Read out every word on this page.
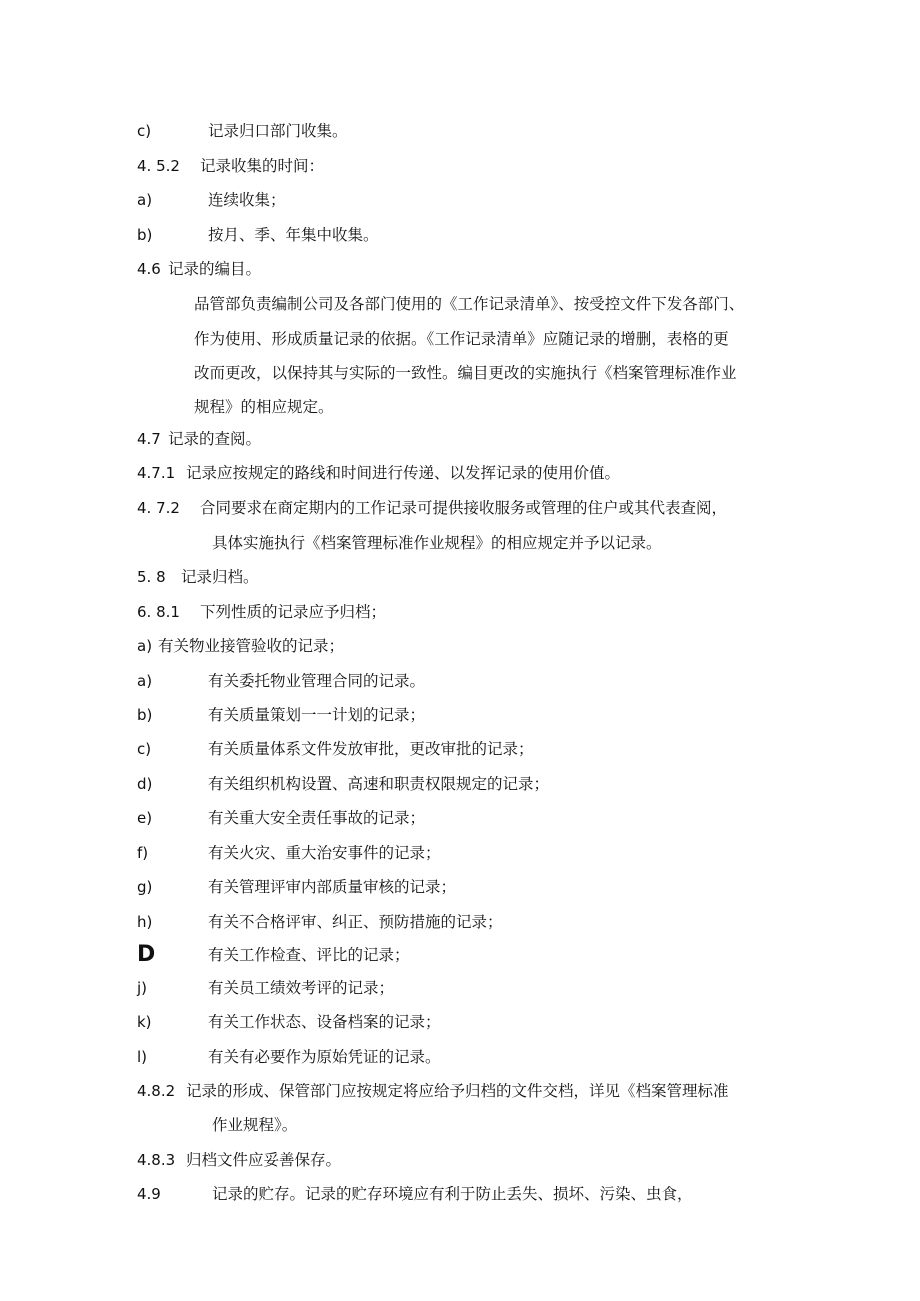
c)	记录归口部门收集。
4. 5.2 记录收集的时间：
a)	连续收集；
b)	按月、季、年集中收集。
4.6 记录的编目。
品管部负责编制公司及各部门使用的《工作记录清单》、按受控文件下发各部门、
作为使用、形成质量记录的依据。《工作记录清单》应随记录的增删，表格的更
改而更改，以保持其与实际的一致性。编目更改的实施执行《档案管理标准作业
规程》的相应规定。
4.7 记录的查阅。
4.7.1 记录应按规定的路线和时间进行传递、以发挥记录的使用价值。
4. 7.2 合同要求在商定期内的工作记录可提供接收服务或管理的住户或其代表查阅，
具体实施执行《档案管理标准作业规程》的相应规定并予以记录。
5. 8 记录归档。
6. 8.1 下列性质的记录应予归档；
a) 有关物业接管验收的记录；
a)	有关委托物业管理合同的记录。
b)	有关质量策划一一计划的记录；
c)	有关质量体系文件发放审批，更改审批的记录；
d)	有关组织机构设置、高速和职责权限规定的记录；
e)	有关重大安全责任事故的记录；
f)	有关火灾、重大治安事件的记录；
g)	有关管理评审内部质量审核的记录；
h)	有关不合格评审、纠正、预防措施的记录；
D	有关工作检查、评比的记录；
j)	有关员工绩效考评的记录；
k)	有关工作状态、设备档案的记录；
l)	有关有必要作为原始凭证的记录。
4.8.2 记录的形成、保管部门应按规定将应给予归档的文件交档，详见《档案管理标准
作业规程》。
4.8.3 归档文件应妥善保存。
4.9	记录的贮存。记录的贮存环境应有利于防止丢失、损坏、污染、虫食，
